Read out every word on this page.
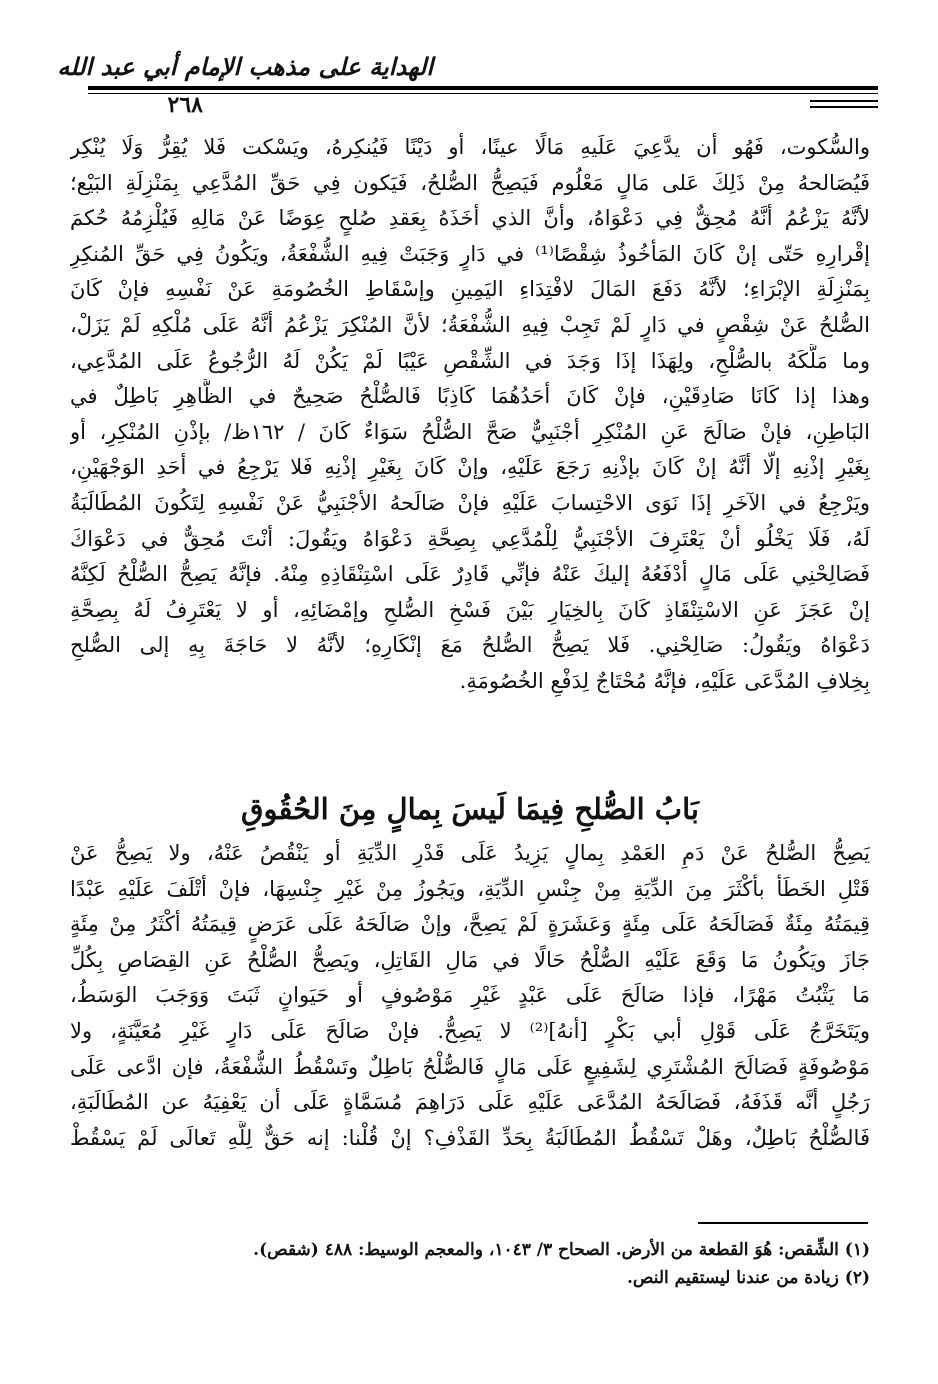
الهداية على مذهب الإمام أبي عبد الله
٢٦٨
والسُّكوت، فَهُو أن يدَّعِيَ عَلَيهِ مَالًا عينًا، أو دَيْنًا فَيُنكِرهُ، ويَسْكت فَلا يُقِرُّ وَلَا يُنْكِر
فَيُصَالحهُ مِنْ ذَلِكَ عَلى مَالٍ مَعْلُوم فَيَصِحُّ الصُّلحُ، فَيَكون فِي حَقِّ المُدَّعِي بِمَنْزِلَةِ البَيْع؛
لأنَّهُ يَزْعُمُ أنَّهُ مُحِقٌّ فِي دَعْوَاهُ، وأنَّ الذي أخَذَهُ بِعَقدِ صُلحٍ عِوَضًا عَنْ مَالِهِ فَيُلْزِمُهُ حُكمَ
إقْرارِهِ حَتّى إنْ كَانَ المَأخُوذُ شِقْصًا⁽¹⁾ في دَارٍ وَجَبَتْ فِيهِ الشُّفْعَةُ، ويَكُونُ فِي حَقِّ المُنكِرِ
بِمَنْزِلَةِ الإبْرَاءِ؛ لأنَّهُ دَفَعَ المَالَ لافْتِدَاءِ اليَمِينِ وإسْقَاطِ الخُصُومَةِ عَنْ نَفْسِهِ فإنْ كَانَ
الصُّلحُ عَنْ شِقْصٍ في دَارٍ لَمْ تَجِبْ فِيهِ الشُّفْعَةُ؛ لأنَّ المُنْكِرَ يَزْعُمُ أنَّهُ عَلَى مُلْكِهِ لَمْ يَزَلْ،
وما مَلَّكَهُ بالصُّلْحِ، ولِهَذَا إذَا وَجَدَ في الشِّقْصِ عَيْبًا لَمْ يَكُنْ لَهُ الرُّجُوعُ عَلَى المُدَّعِي،
وهذا إذا كَانَا صَادِقَيْنِ، فإنْ كَانَ أحَدُهُمَا كَاذِبًا فَالصُّلْحُ صَحِيحٌ في الظَّاهِرِ بَاطِلٌ في
البَاطِنِ، فإنْ صَالَحَ عَنِ المُنْكِرِ أجْنَبِيٌّ صَحَّ الصُّلْحُ سَوَاءٌ كَانَ / ١٦٢ظ/ بإذْنِ المُنْكِرِ، أو
بِغَيْرِ إذْنِهِ إلّا أنَّهُ إنْ كَانَ بإذْنِهِ رَجَعَ عَلَيْهِ، وإنْ كَانَ بِغَيْرِ إذْنِهِ فَلا يَرْجِعُ في أحَدِ الوَجْهَيْنِ،
ويَرْجِعُ في الآخَرِ إذَا نَوَى الاحْتِسابَ عَلَيْهِ فإنْ صَالَحهُ الأجْنَبِيُّ عَنْ نَفْسِهِ لِتَكُونَ المُطَالَبَةُ
لَهُ، فَلَا يَخْلُو أنْ يَعْتَرِفَ الأجْنَبِيُّ لِلْمُدَّعِي بِصِحَّةِ دَعْوَاهُ ويَقُولَ: أنْتَ مُحِقٌّ في دَعْوَاكَ
فَصَالِحْنِي عَلَى مَالٍ أدْفَعُهُ إليكَ عَنْهُ فإنِّي قَادِرٌ عَلَى اسْتِنْقَاذِهِ مِنْهُ. فإنَّهُ يَصِحُّ الصُّلْحُ لَكِنَّهُ
إنْ عَجَزَ عَنِ الاسْتِنْقَاذِ كَانَ بِالخِيَارِ بَيْنَ فَسْخِ الصُّلحِ وإمْضَائِهِ، أو لا يَعْتَرِفُ لَهُ بِصِحَّةِ
دَعْوَاهُ ويَقُولُ: صَالِحْنِي. فَلا يَصِحُّ الصُّلحُ مَعَ إنْكَارِهِ؛ لأنَّهُ لا حَاجَةَ بِهِ إلى الصُّلحِ
بِخِلافِ المُدَّعَى عَلَيْهِ، فإنَّهُ مُحْتَاجٌ لِدَفْعِ الخُصُومَةِ.
بَابُ الصُّلحِ فِيمَا لَيسَ بِمالٍ مِنَ الحُقُوقِ
يَصِحُّ الصُّلحُ عَنْ دَمِ العَمْدِ بِمالٍ يَزِيدُ عَلَى قَدْرِ الدِّيَةِ أو يَنْقُصُ عَنْهُ، ولا يَصِحُّ عَنْ
قَتْلِ الخَطَأ بأكْثَرَ مِنَ الدِّيَةِ مِنْ جِنْسِ الدِّيَةِ، ويَجُوزُ مِنْ غَيْرِ جِنْسِهَا، فإنْ أتْلَفَ عَلَيْهِ عَبْدًا
قِيمَتُهُ مِئَةٌ فَصَالَحَهُ عَلَى مِئَةٍ وَعَشَرَةٍ لَمْ يَصِحَّ، وإنْ صَالَحَهُ عَلَى عَرَضٍ قِيمَتُهُ أكْثَرُ مِنْ مِئَةٍ
جَازَ ويَكُونُ مَا وَقَعَ عَلَيْهِ الصُّلْحُ حَالًا في مَالِ القَاتِلِ، ويَصِحُّ الصُّلْحُ عَنِ القِصَاصِ بِكُلِّ
مَا يَثْبُتُ مَهْرًا، فإذا صَالَحَ عَلَى عَبْدٍ غَيْرِ مَوْصُوفٍ أو حَيَوانٍ ثَبَتَ وَوَجَبَ الوَسَطُ،
ويَتَخَرَّجُ عَلَى قَوْلِ أبي بَكْرٍ [أنهُ]⁽²⁾ لا يَصِحُّ. فإنْ صَالَحَ عَلَى دَارٍ غَيْرِ مُعَيَّنَةٍ، ولا
مَوْصُوفَةٍ فَصَالَحَ المُشْتَرِي لِشَفِيعٍ عَلَى مَالٍ فَالصُّلْحُ بَاطِلٌ وتَسْقُطُ الشُّفْعَةُ، فإن ادَّعى عَلَى
رَجُلٍ أنَّه قَذَفَهُ، فَصَالَحَهُ المُدَّعَى عَلَيْهِ عَلَى دَرَاهِمَ مُسَمَّاةٍ عَلَى أن يَعْفِيَهُ عن المُطَالَبَةِ،
فَالصُّلْحُ بَاطِلٌ، وهَلْ تَسْقُطُ المُطَالَبَةُ بِحَدِّ القَذْفِ؟ إنْ قُلْنا: إنه حَقٌّ لِلَّهِ تَعالَى لَمْ يَسْقُطْ
(١) الشِّقص: هُوَ القطعة من الأرض. الصحاح ٣/ ١٠٤٣، والمعجم الوسيط: ٤٨٨ (شقص).
(٢) زيادة من عندنا ليستقيم النص.
